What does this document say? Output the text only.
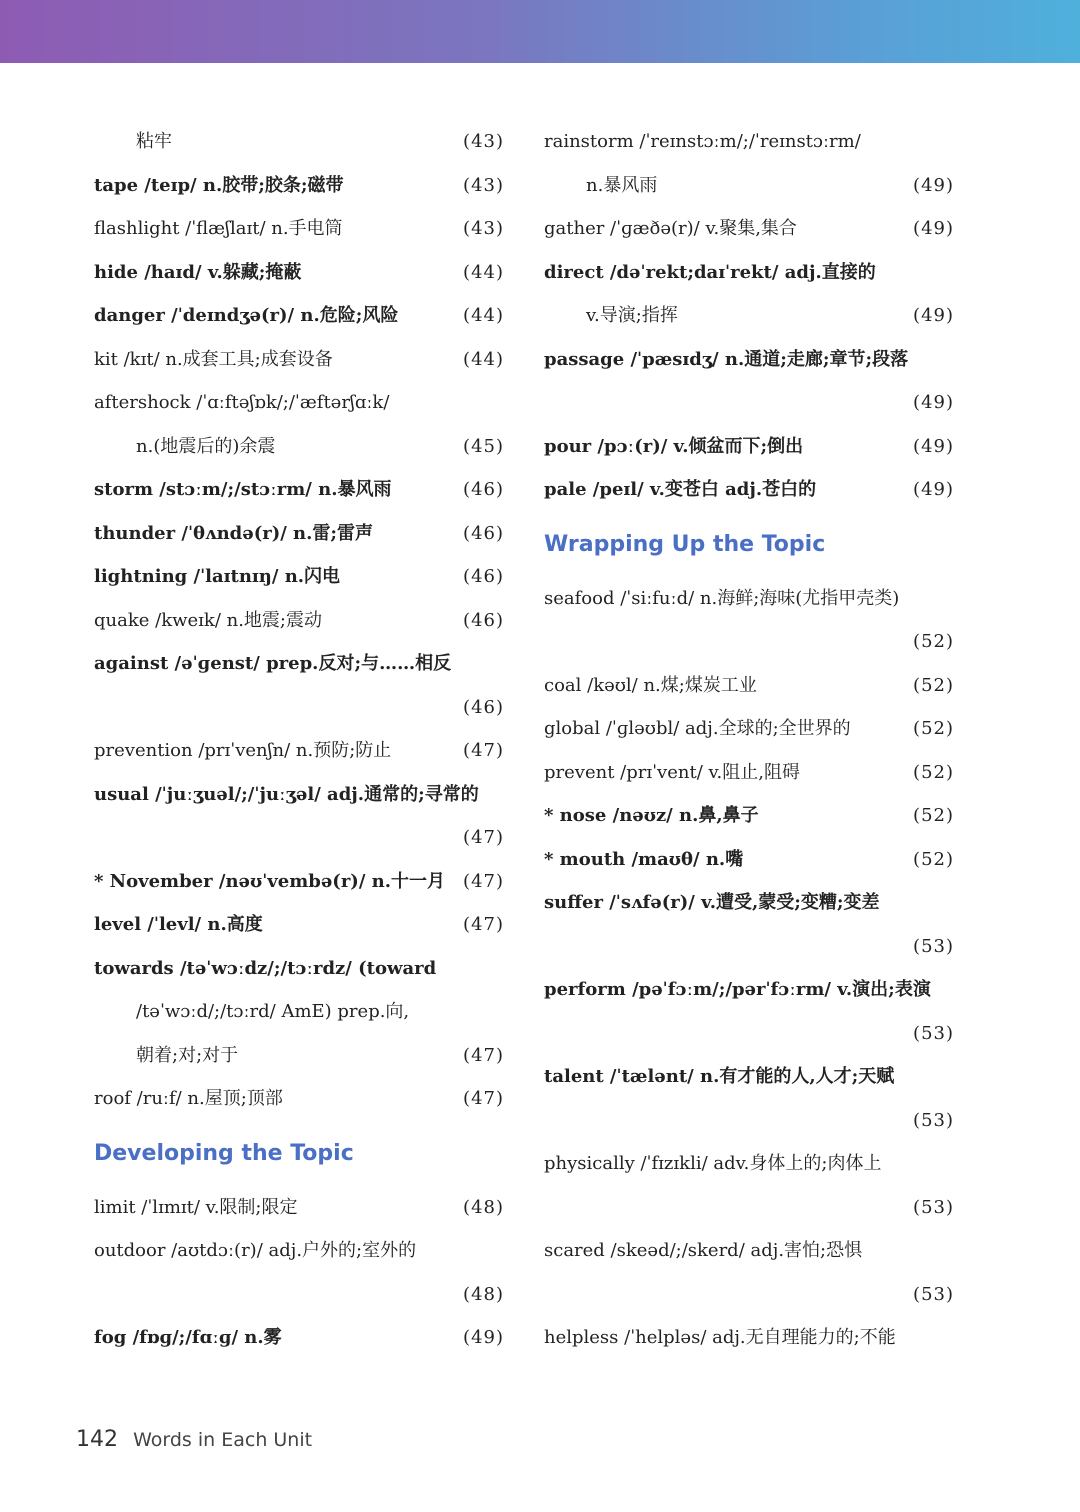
粘牢	(43)
tape /teɪp/ n.胶带;胶条;磁带	(43)
flashlight /ˈflæʃlaɪt/ n.手电筒	(43)
hide /haɪd/ v.躲藏;掩蔽	(44)
danger /ˈdeɪndʒə(r)/ n.危险;风险	(44)
kit /kɪt/ n.成套工具;成套设备	(44)
aftershock /ˈɑːftəʃɒk/;/ˈæftərʃɑːk/
n.(地震后的)余震	(45)
storm /stɔːm/;/stɔːrm/ n.暴风雨	(46)
thunder /ˈθʌndə(r)/ n.雷;雷声	(46)
lightning /ˈlaɪtnɪŋ/ n.闪电	(46)
quake /kweɪk/ n.地震;震动	(46)
against /əˈɡenst/ prep.反对;与……相反
(46)
prevention /prɪˈvenʃn/ n.预防;防止	(47)
usual /ˈjuːʒuəl/;/ˈjuːʒəl/ adj.通常的;寻常的
(47)
* November /nəʊˈvembə(r)/ n.十一月 (47)
level /ˈlevl/ n.高度	(47)
towards /təˈwɔːdz/;/tɔːrdz/ (toward
/təˈwɔːd/;/tɔːrd/ AmE) prep.向,
朝着;对;对于	(47)
roof /ruːf/ n.屋顶;顶部	(47)
Developing the Topic
limit /ˈlɪmɪt/ v.限制;限定	(48)
outdoor /aʊtdɔː(r)/ adj.户外的;室外的
(48)
fog /fɒɡ/;/fɑːɡ/ n.雾	(49)
rainstorm /ˈreɪnstɔːm/;/ˈreɪnstɔːrm/
n.暴风雨	(49)
gather /ˈɡæðə(r)/ v.聚集,集合	(49)
direct /dəˈrekt;daɪˈrekt/ adj.直接的
v.导演;指挥	(49)
passage /ˈpæsɪdʒ/ n.通道;走廊;章节;段落
(49)
pour /pɔː(r)/ v.倾盆而下;倒出	(49)
pale /peɪl/ v.变苍白 adj.苍白的	(49)
Wrapping Up the Topic
seafood /ˈsiːfuːd/ n.海鲜;海味(尤指甲壳类)
(52)
coal /kəʊl/ n.煤;煤炭工业	(52)
global /ˈɡləʊbl/ adj.全球的;全世界的	(52)
prevent /prɪˈvent/ v.阻止,阻碍	(52)
* nose /nəʊz/ n.鼻,鼻子	(52)
* mouth /maʊθ/ n.嘴	(52)
suffer /ˈsʌfə(r)/ v.遭受,蒙受;变糟;变差
(53)
perform /pəˈfɔːm/;/pərˈfɔːrm/ v.演出;表演
(53)
talent /ˈtælənt/ n.有才能的人,人才;天赋
(53)
physically /ˈfɪzɪkli/ adv.身体上的;肉体上
(53)
scared /skeəd/;/skerd/ adj.害怕;恐惧
(53)
helpless /ˈhelpləs/ adj.无自理能力的;不能
142 Words in Each Unit
